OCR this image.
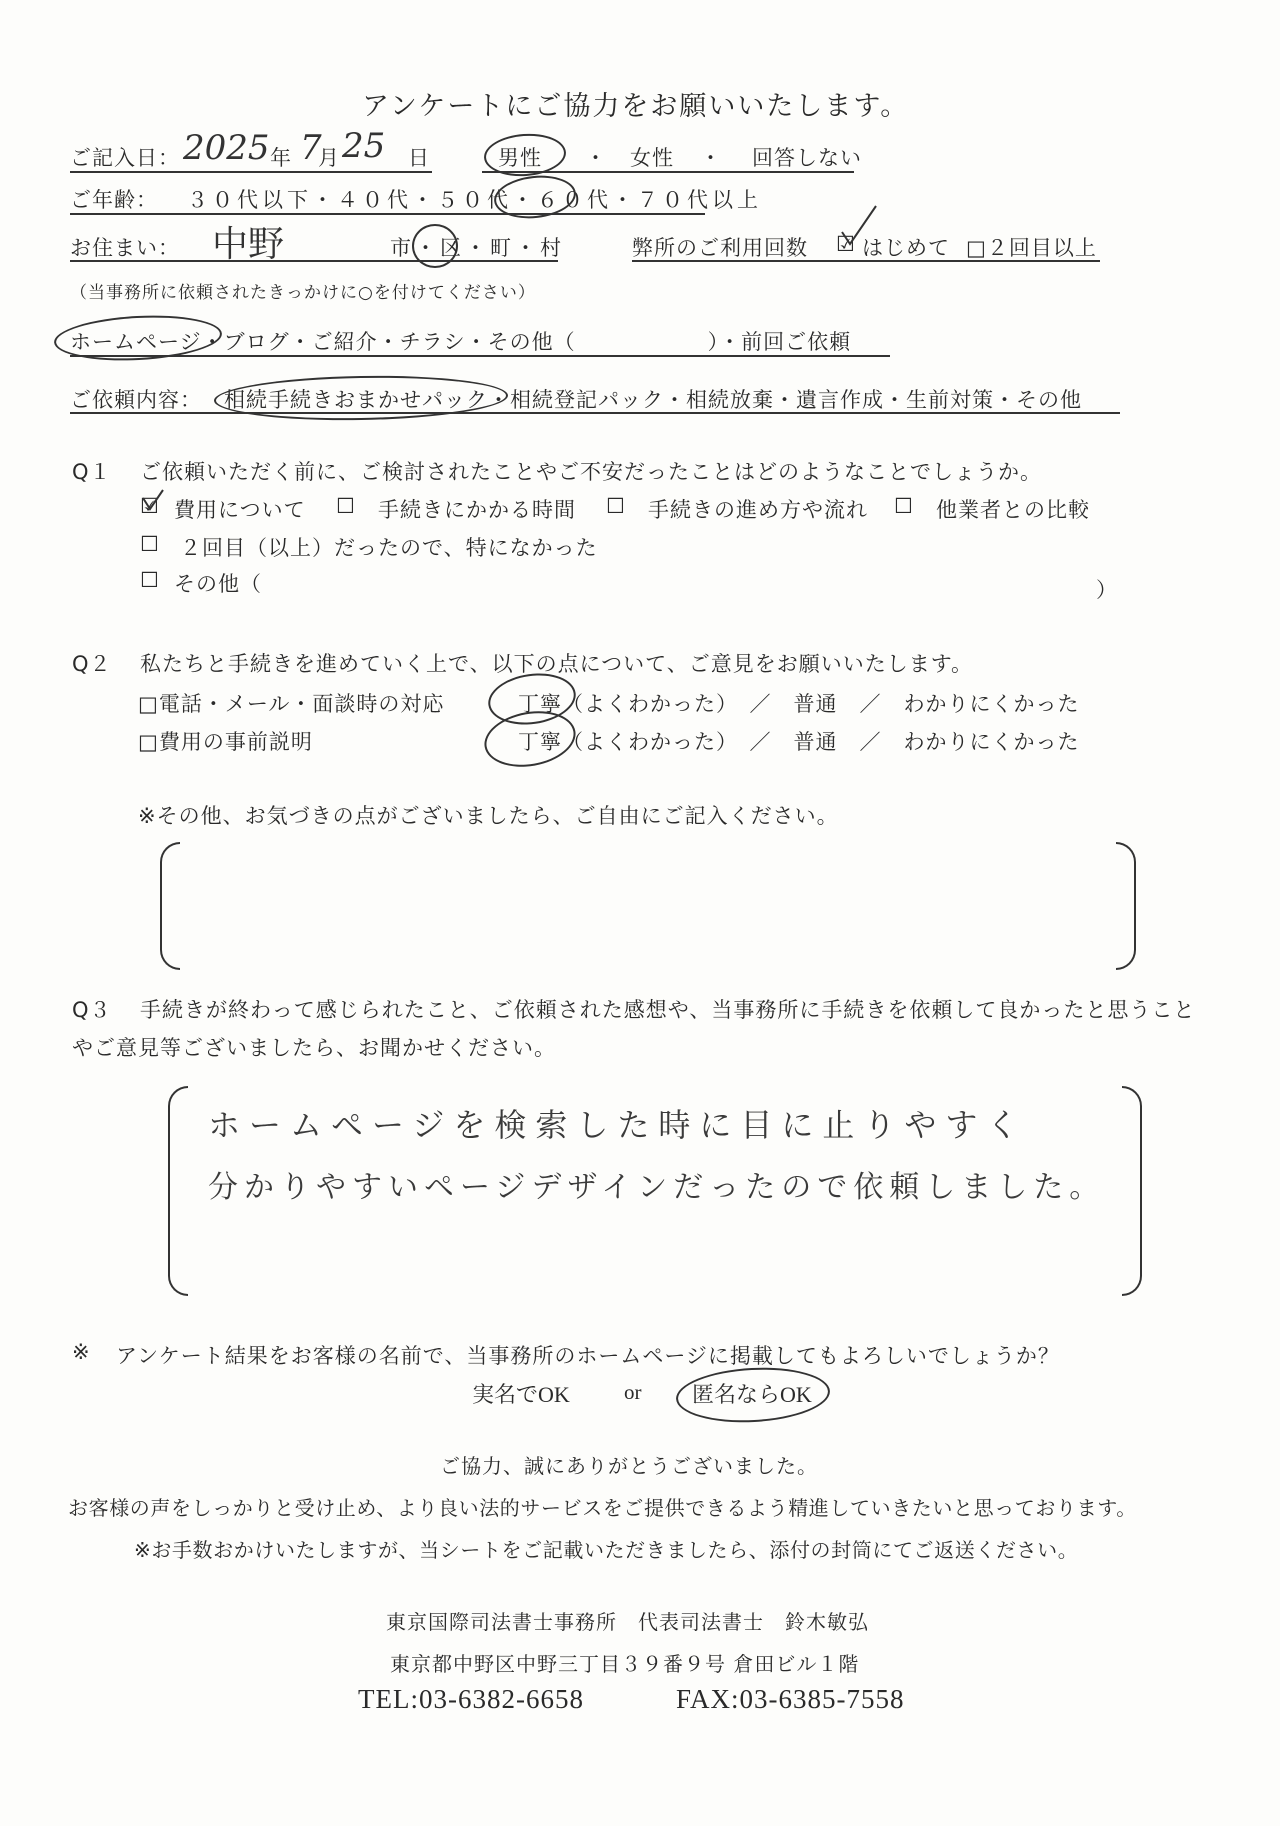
アンケートにご協力をお願いいたします。
ご記入日： 2025 年 7
月 25 日	男性 ・ 女性 ・ 回答しない
ご年齢： ３０代以下・４０代・５０代・６０代・７０代以上
お住まい： 中野	市・区・町・村	弊所のご利用回数 ☑ はじめて □２回目以上
（当事務所に依頼されたきっかけに○を付けてください）
ホームページ・ブログ・ご紹介・チラシ・その他（　　　　　　）・前回ご依頼
ご依頼内容： 相続手続きおまかせパック・相続登記パック・相続放棄・遺言作成・生前対策・その他
Q１ ご依頼いただく前に、ご検討されたことやご不安だったことはどのようなことでしょうか。
☑ 費用について ☐ 手続きにかかる時間 ☐ 手続きの進め方や流れ ☐ 他業者との比較
☐ ２回目（以上）だったので、特になかった
☐ その他（	）
Q２ 私たちと手続きを進めていく上で、以下の点について、ご意見をお願いいたします。
□電話・メール・面談時の対応	丁寧（よくわかった）　／　普通　／　わかりにくかった
□費用の事前説明	丁寧（よくわかった）　／　普通　／　わかりにくかった
※その他、お気づきの点がございましたら、ご自由にご記入ください。
Q３ 手続きが終わって感じられたこと、ご依頼された感想や、当事務所に手続きを依頼して良かったと思うこと
やご意見等ございましたら、お聞かせください。
ホームページを検索した時に目に止りやすく
分かりやすいページデザインだったので依頼しました。
※ アンケート結果をお客様の名前で、当事務所のホームページに掲載してもよろしいでしょうか？
実名でOK	or 匿名ならOK
ご協力、誠にありがとうございました。
お客様の声をしっかりと受け止め、より良い法的サービスをご提供できるよう精進していきたいと思っております。
※お手数おかけいたしますが、当シートをご記載いただきましたら、添付の封筒にてご返送ください。
東京国際司法書士事務所　代表司法書士　鈴木敏弘
東京都中野区中野三丁目３９番９号 倉田ビル１階
TEL:03-6382-6658	FAX:03-6385-7558
